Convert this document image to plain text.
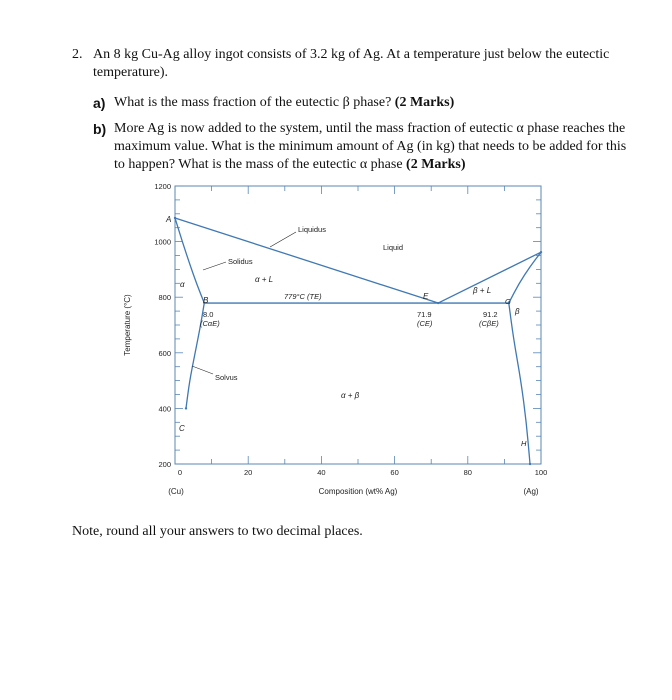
2. An 8 kg Cu-Ag alloy ingot consists of 3.2 kg of Ag. At a temperature just below the eutectic temperature).
a) What is the mass fraction of the eutectic β phase? (2 Marks)
b) More Ag is now added to the system, until the mass fraction of eutectic α phase reaches the maximum value. What is the minimum amount of Ag (in kg) that needs to be added for this to happen? What is the mass of the eutectic α phase (2 Marks)
0	20	40	60	80	100
200
400
600
800
1000
1200
Composition (wt% Ag)
(Cu)	(Ag)
Temperature (°C)
A
Liquidus
Liquid
Solidus
α
α + L
779°C (TE)
B
8.0
(CαE)
E
71.9
(CE)
β + L
G
91.2
(CβE)
β
Solvus
α + β
C
H
Note, round all your answers to two decimal places.
